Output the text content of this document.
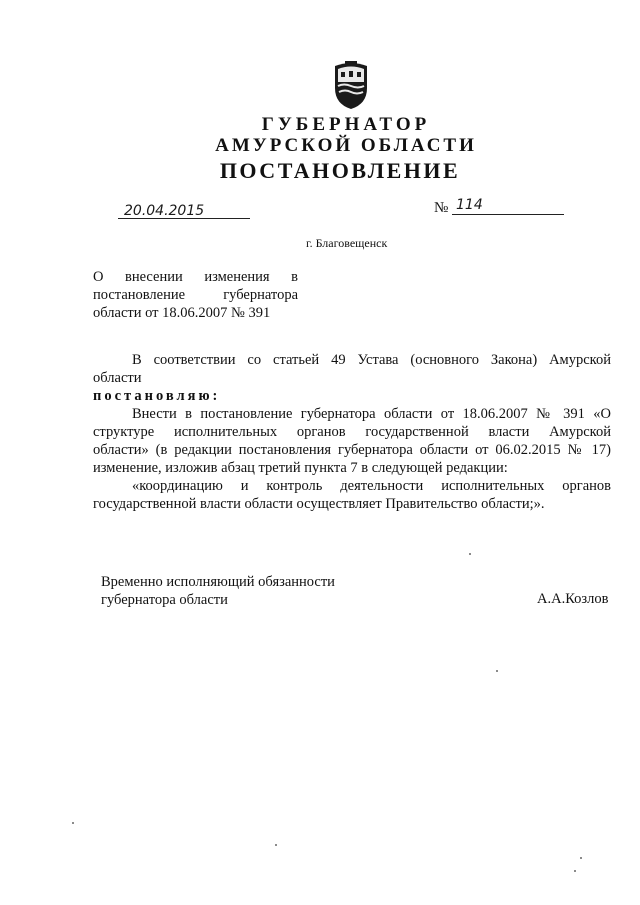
ГУБЕРНАТОР
АМУРСКОЙ ОБЛАСТИ
ПОСТАНОВЛЕНИЕ
20.04.2015	№ 114
г. Благовещенск
О внесении изменения в
постановление губернатора
области от 18.06.2007 № 391
В соответствии со статьей 49 Устава (основного Закона) Амурской
области
постановляю:
Внести в постановление губернатора области от 18.06.2007 № 391 «О
структуре исполнительных органов государственной власти Амурской
области» (в редакции постановления губернатора области от 06.02.2015 № 17)
изменение, изложив абзац третий пункта 7 в следующей редакции:
«координацию и контроль деятельности исполнительных органов
государственной власти области осуществляет Правительство области;».
Временно исполняющий обязанности
губернатора области	А.А.Козлов
